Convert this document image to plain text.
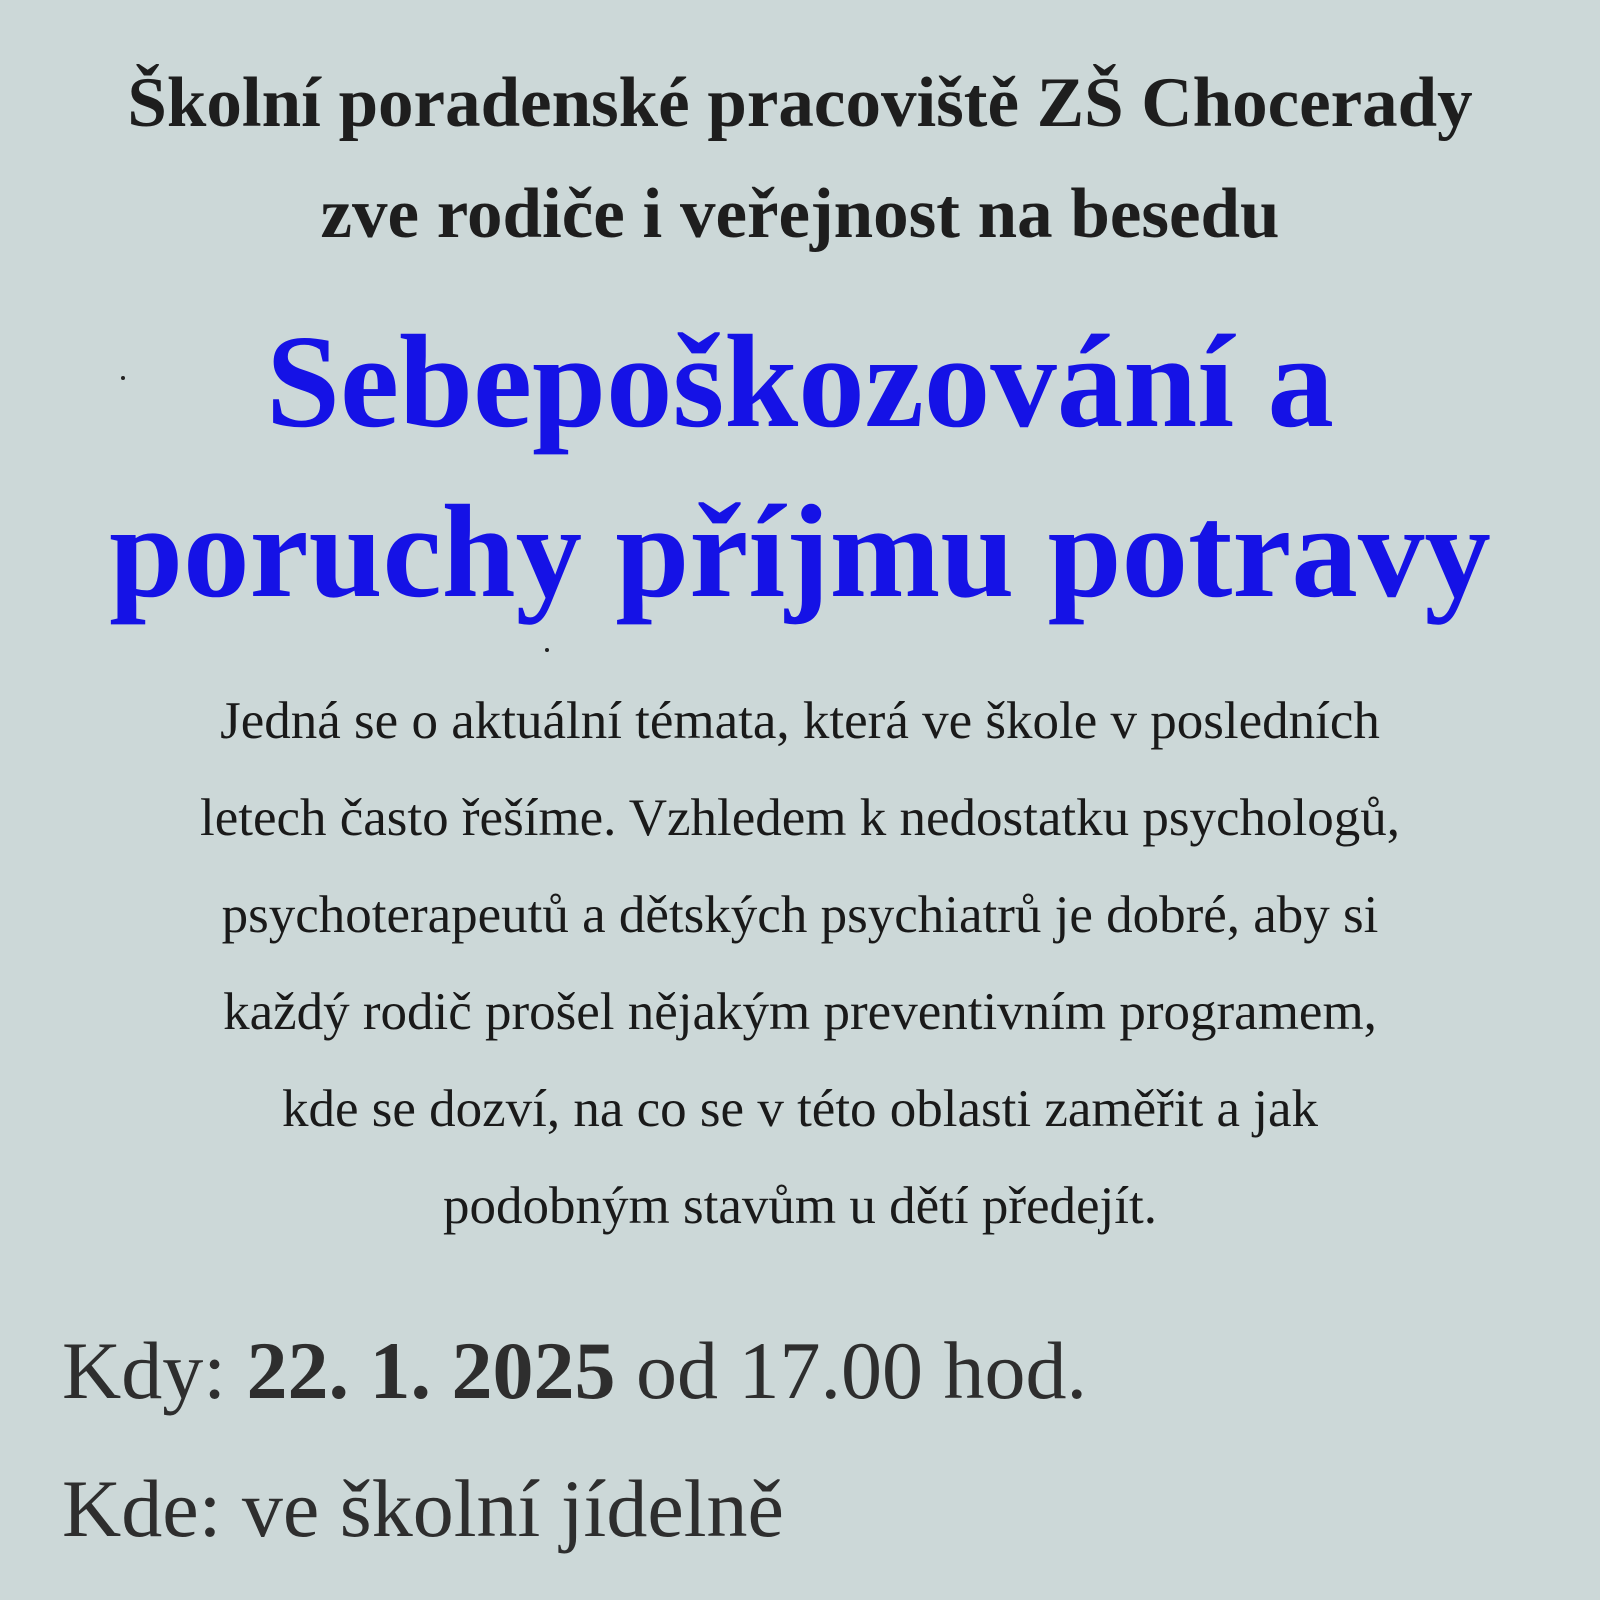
Školní poradenské pracoviště ZŠ Chocerady
zve rodiče i veřejnost na besedu
Sebepoškozování a
poruchy příjmu potravy
Jedná se o aktuální témata, která ve škole v posledních
letech často řešíme. Vzhledem k nedostatku psychologů,
psychoterapeutů a dětských psychiatrů je dobré, aby si
každý rodič prošel nějakým preventivním programem,
kde se dozví, na co se v této oblasti zaměřit a jak
podobným stavům u dětí předejít.
Kdy: 22. 1. 2025 od 17.00 hod.
Kde: ve školní jídelně
